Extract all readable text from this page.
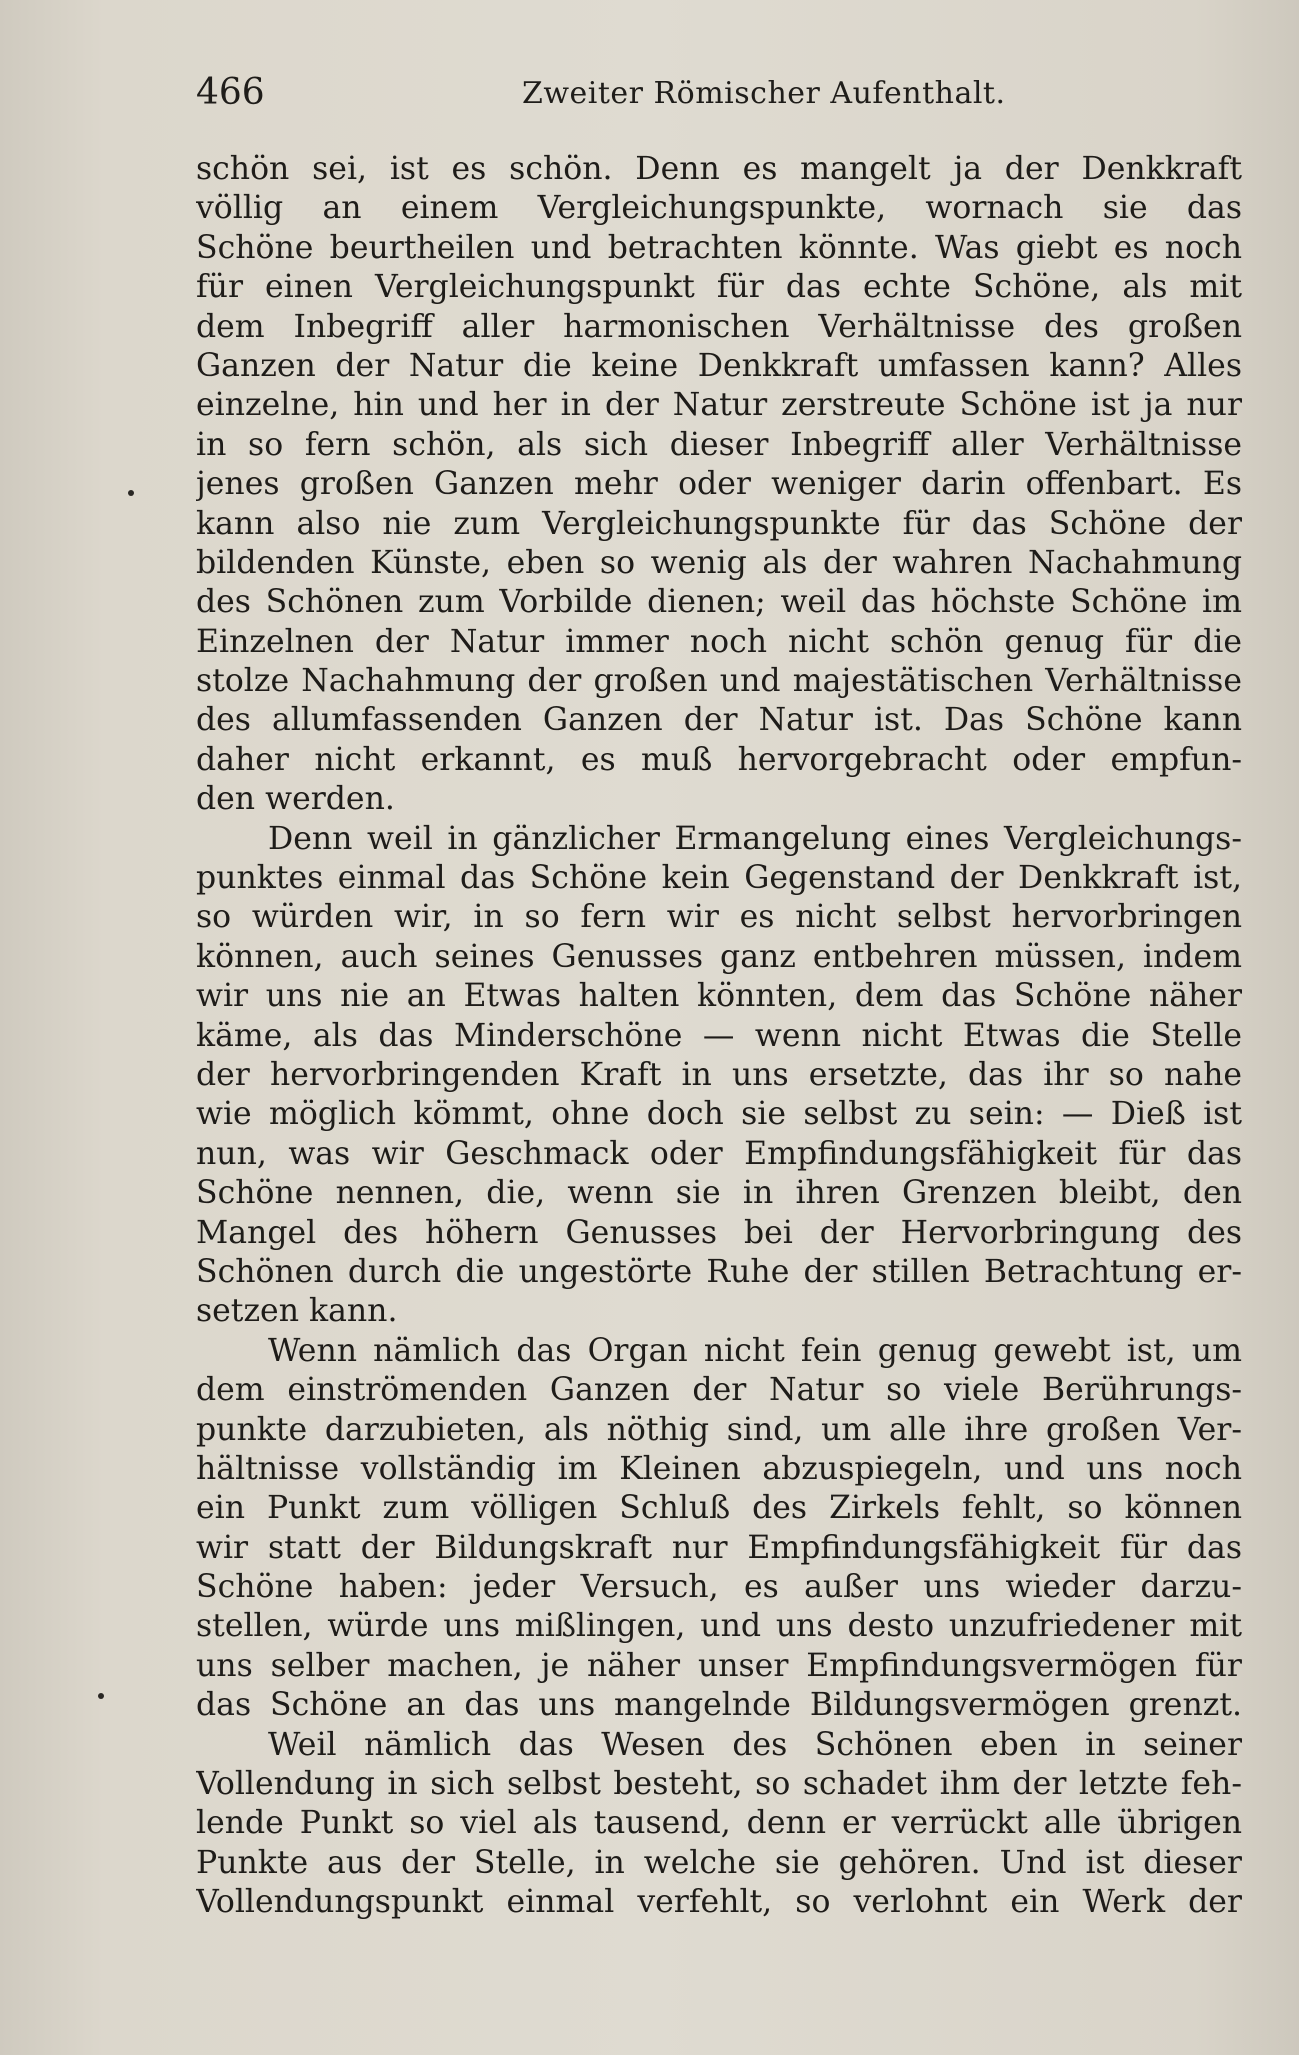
466	Zweiter Römischer Aufenthalt.
schön sei, ist es schön. Denn es mangelt ja der Denkkraft
völlig an einem Vergleichungspunkte, wornach sie das
Schöne beurtheilen und betrachten könnte. Was giebt es noch
für einen Vergleichungspunkt für das echte Schöne, als mit
dem Inbegriff aller harmonischen Verhältnisse des großen
Ganzen der Natur die keine Denkkraft umfassen kann? Alles
einzelne, hin und her in der Natur zerstreute Schöne ist ja nur
in so fern schön, als sich dieser Inbegriff aller Verhältnisse
jenes großen Ganzen mehr oder weniger darin offenbart. Es
kann also nie zum Vergleichungspunkte für das Schöne der
bildenden Künste, eben so wenig als der wahren Nachahmung
des Schönen zum Vorbilde dienen; weil das höchste Schöne im
Einzelnen der Natur immer noch nicht schön genug für die
stolze Nachahmung der großen und majestätischen Verhältnisse
des allumfassenden Ganzen der Natur ist. Das Schöne kann
daher nicht erkannt, es muß hervorgebracht oder empfun-
den werden.
Denn weil in gänzlicher Ermangelung eines Vergleichungs-
punktes einmal das Schöne kein Gegenstand der Denkkraft ist,
so würden wir, in so fern wir es nicht selbst hervorbringen
können, auch seines Genusses ganz entbehren müssen, indem
wir uns nie an Etwas halten könnten, dem das Schöne näher
käme, als das Minderschöne — wenn nicht Etwas die Stelle
der hervorbringenden Kraft in uns ersetzte, das ihr so nahe
wie möglich kömmt, ohne doch sie selbst zu sein: — Dieß ist
nun, was wir Geschmack oder Empfindungsfähigkeit für das
Schöne nennen, die, wenn sie in ihren Grenzen bleibt, den
Mangel des höhern Genusses bei der Hervorbringung des
Schönen durch die ungestörte Ruhe der stillen Betrachtung er-
setzen kann.
Wenn nämlich das Organ nicht fein genug gewebt ist, um
dem einströmenden Ganzen der Natur so viele Berührungs-
punkte darzubieten, als nöthig sind, um alle ihre großen Ver-
hältnisse vollständig im Kleinen abzuspiegeln, und uns noch
ein Punkt zum völligen Schluß des Zirkels fehlt, so können
wir statt der Bildungskraft nur Empfindungsfähigkeit für das
Schöne haben: jeder Versuch, es außer uns wieder darzu-
stellen, würde uns mißlingen, und uns desto unzufriedener mit
uns selber machen, je näher unser Empfindungsvermögen für
das Schöne an das uns mangelnde Bildungsvermögen grenzt.
Weil nämlich das Wesen des Schönen eben in seiner
Vollendung in sich selbst besteht, so schadet ihm der letzte feh-
lende Punkt so viel als tausend, denn er verrückt alle übrigen
Punkte aus der Stelle, in welche sie gehören. Und ist dieser
Vollendungspunkt einmal verfehlt, so verlohnt ein Werk der
